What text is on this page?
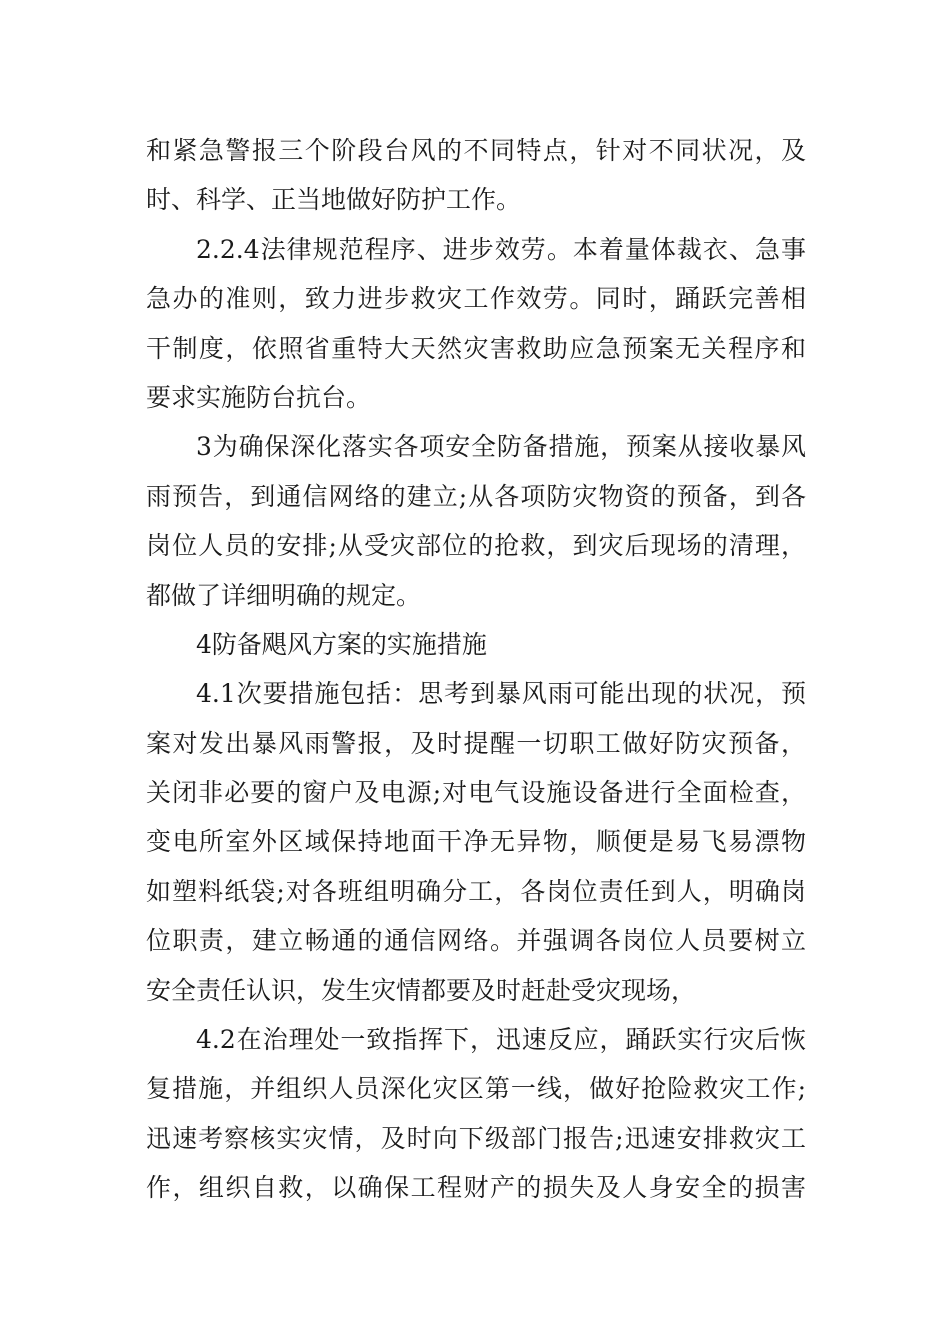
和紧急警报三个阶段台风的不同特点，针对不同状况，及
时、科学、正当地做好防护工作。
2.2.4法律规范程序、进步效劳。本着量体裁衣、急事
急办的准则，致力进步救灾工作效劳。同时，踊跃完善相
干制度，依照省重特大天然灾害救助应急预案无关程序和
要求实施防台抗台。
3为确保深化落实各项安全防备措施，预案从接收暴风
雨预告，到通信网络的建立;从各项防灾物资的预备，到各
岗位人员的安排;从受灾部位的抢救，到灾后现场的清理，
都做了详细明确的规定。
4防备飓风方案的实施措施
4.1次要措施包括：思考到暴风雨可能出现的状况，预
案对发出暴风雨警报，及时提醒一切职工做好防灾预备，
关闭非必要的窗户及电源;对电气设施设备进行全面检查，
变电所室外区域保持地面干净无异物，顺便是易飞易漂物
如塑料纸袋;对各班组明确分工，各岗位责任到人，明确岗
位职责，建立畅通的通信网络。并强调各岗位人员要树立
安全责任认识，发生灾情都要及时赶赴受灾现场，
4.2在治理处一致指挥下，迅速反应，踊跃实行灾后恢
复措施，并组织人员深化灾区第一线，做好抢险救灾工作;
迅速考察核实灾情，及时向下级部门报告;迅速安排救灾工
作，组织自救，以确保工程财产的损失及人身安全的损害
